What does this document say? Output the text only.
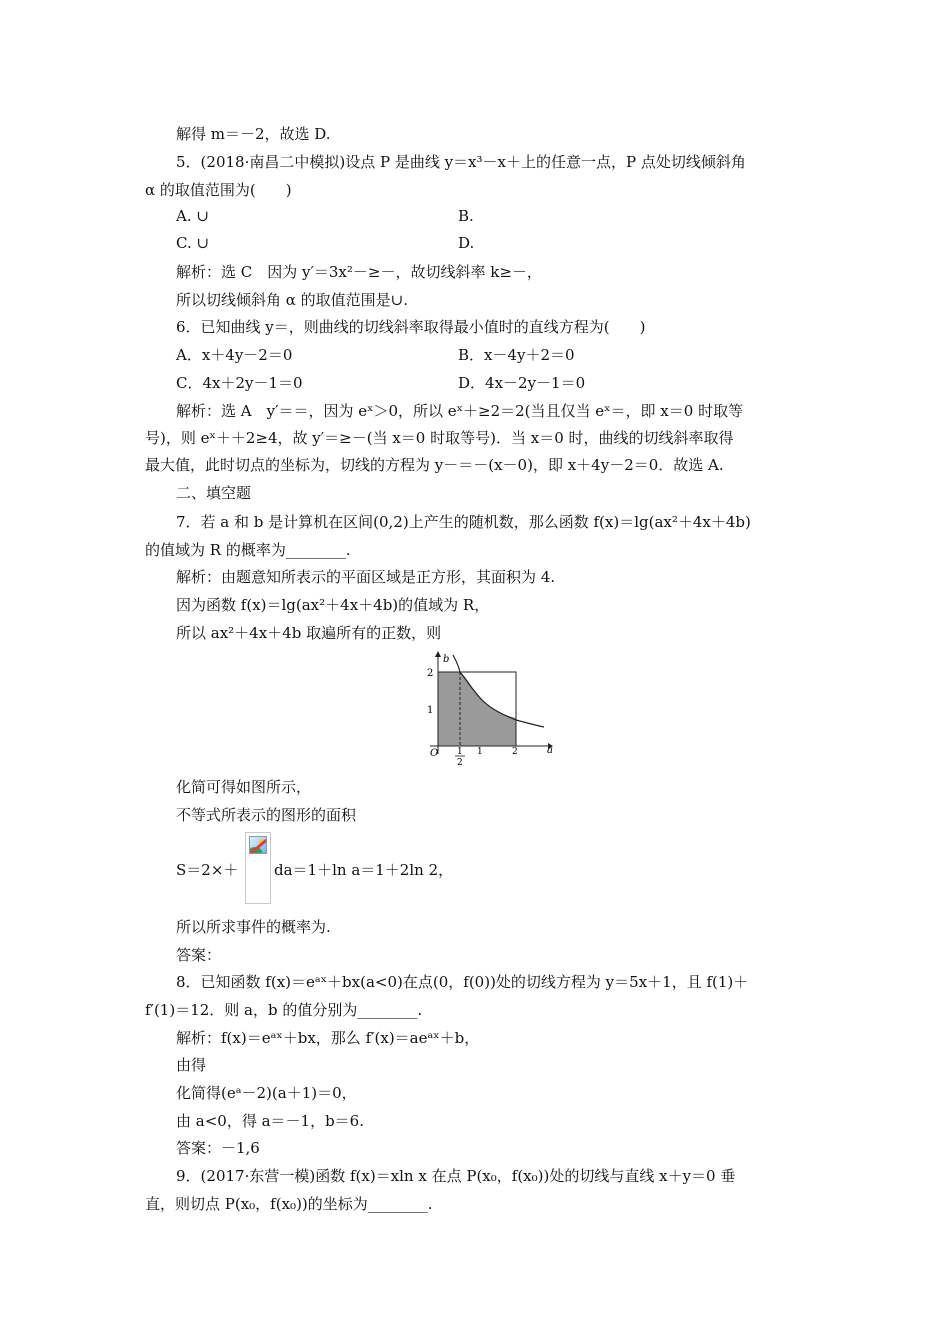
解得 m＝－2，故选 D.
5．(2018·南昌二中模拟)设点 P 是曲线 y＝x³－x＋上的任意一点，P 点处切线倾斜角
α 的取值范围为(　　)
A. ∪	B.
C. ∪	D.
解析：选 C　因为 y′＝3x²－≥－，故切线斜率 k≥－，
所以切线倾斜角 α 的取值范围是∪.
6．已知曲线 y＝，则曲线的切线斜率取得最小值时的直线方程为(　　)
A．x＋4y－2＝0	B．x－4y＋2＝0
C．4x＋2y－1＝0	D．4x－2y－1＝0
解析：选 A　y′＝＝，因为 eˣ＞0，所以 eˣ＋≥2＝2(当且仅当 eˣ＝，即 x＝0 时取等
号)，则 eˣ＋＋2≥4，故 y′＝≥－(当 x＝0 时取等号)．当 x＝0 时，曲线的切线斜率取得
最大值，此时切点的坐标为，切线的方程为 y－＝－(x－0)，即 x＋4y－2＝0．故选 A.
二、填空题
7．若 a 和 b 是计算机在区间(0,2)上产生的随机数，那么函数 f(x)＝lg(ax²＋4x＋4b)
的值域为 R 的概率为________.
解析：由题意知所表示的平面区域是正方形，其面积为 4.
因为函数 f(x)＝lg(ax²＋4x＋4b)的值域为 R，
所以 ax²＋4x＋4b 取遍所有的正数，则
b
a
O
2
1
1
2
1	2
化简可得如图所示，
不等式所表示的图形的面积
S＝2×＋ da＝1＋ln a＝1＋2ln 2，
所以所求事件的概率为.
答案：
8．已知函数 f(x)＝eᵃˣ＋bx(a<0)在点(0，f(0))处的切线方程为 y＝5x＋1，且 f(1)＋
f′(1)＝12．则 a，b 的值分别为________.
解析：f(x)＝eᵃˣ＋bx，那么 f′(x)＝aeᵃˣ＋b，
由得
化简得(eᵃ－2)(a＋1)＝0，
由 a<0，得 a＝－1，b＝6.
答案：－1,6
9．(2017·东营一模)函数 f(x)＝xln x 在点 P(x₀，f(x₀))处的切线与直线 x＋y＝0 垂
直，则切点 P(x₀，f(x₀))的坐标为________.
